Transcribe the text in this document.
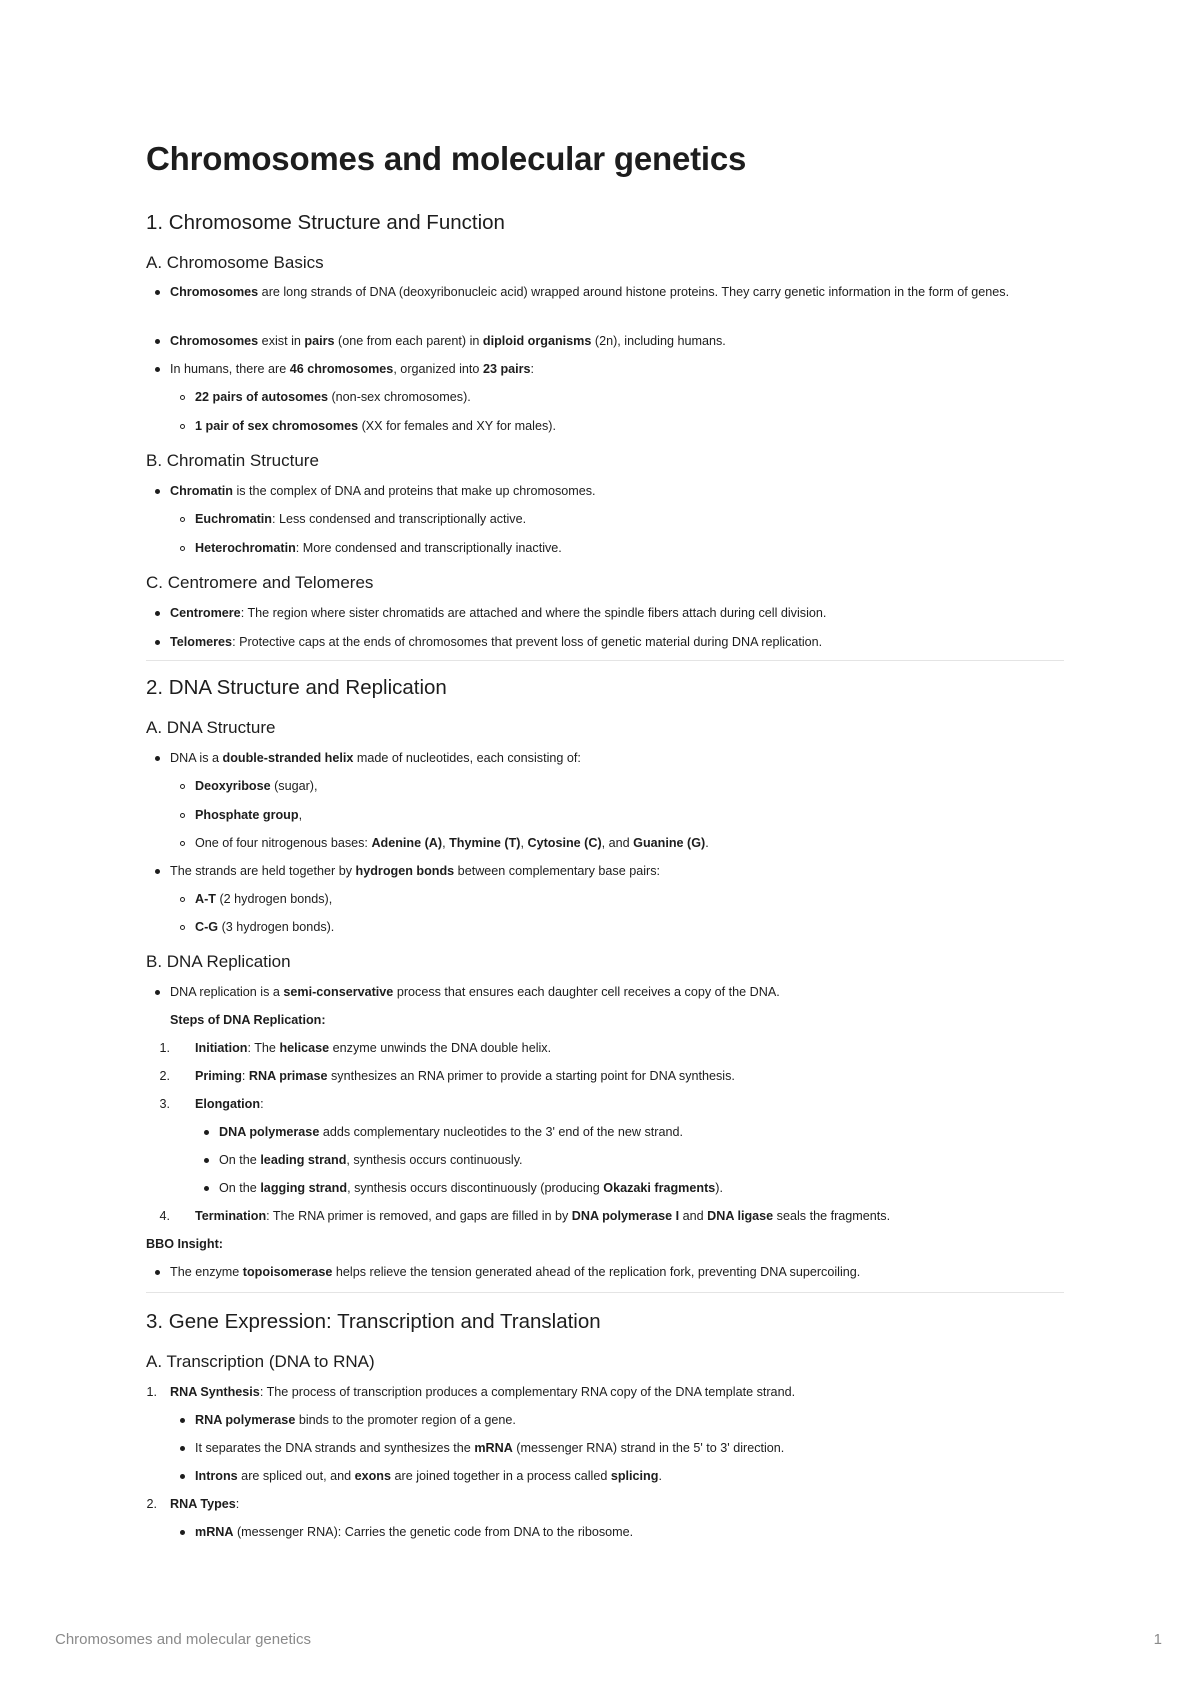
Chromosomes and molecular genetics
1. Chromosome Structure and Function
A. Chromosome Basics
Chromosomes are long strands of DNA (deoxyribonucleic acid) wrapped around histone proteins. They carry genetic information in the form of genes.
Chromosomes exist in pairs (one from each parent) in diploid organisms (2n), including humans.
In humans, there are 46 chromosomes, organized into 23 pairs:
22 pairs of autosomes (non-sex chromosomes).
1 pair of sex chromosomes (XX for females and XY for males).
B. Chromatin Structure
Chromatin is the complex of DNA and proteins that make up chromosomes.
Euchromatin: Less condensed and transcriptionally active.
Heterochromatin: More condensed and transcriptionally inactive.
C. Centromere and Telomeres
Centromere: The region where sister chromatids are attached and where the spindle fibers attach during cell division.
Telomeres: Protective caps at the ends of chromosomes that prevent loss of genetic material during DNA replication.
2. DNA Structure and Replication
A. DNA Structure
DNA is a double-stranded helix made of nucleotides, each consisting of:
Deoxyribose (sugar),
Phosphate group,
One of four nitrogenous bases: Adenine (A), Thymine (T), Cytosine (C), and Guanine (G).
The strands are held together by hydrogen bonds between complementary base pairs:
A-T (2 hydrogen bonds),
C-G (3 hydrogen bonds).
B. DNA Replication
DNA replication is a semi-conservative process that ensures each daughter cell receives a copy of the DNA.
Steps of DNA Replication:
1. Initiation: The helicase enzyme unwinds the DNA double helix.
2. Priming: RNA primase synthesizes an RNA primer to provide a starting point for DNA synthesis.
3. Elongation:
DNA polymerase adds complementary nucleotides to the 3' end of the new strand.
On the leading strand, synthesis occurs continuously.
On the lagging strand, synthesis occurs discontinuously (producing Okazaki fragments).
4. Termination: The RNA primer is removed, and gaps are filled in by DNA polymerase I and DNA ligase seals the fragments.
BBO Insight:
The enzyme topoisomerase helps relieve the tension generated ahead of the replication fork, preventing DNA supercoiling.
3. Gene Expression: Transcription and Translation
A. Transcription (DNA to RNA)
1. RNA Synthesis: The process of transcription produces a complementary RNA copy of the DNA template strand.
RNA polymerase binds to the promoter region of a gene.
It separates the DNA strands and synthesizes the mRNA (messenger RNA) strand in the 5' to 3' direction.
Introns are spliced out, and exons are joined together in a process called splicing.
2. RNA Types:
mRNA (messenger RNA): Carries the genetic code from DNA to the ribosome.
Chromosomes and molecular genetics	1
